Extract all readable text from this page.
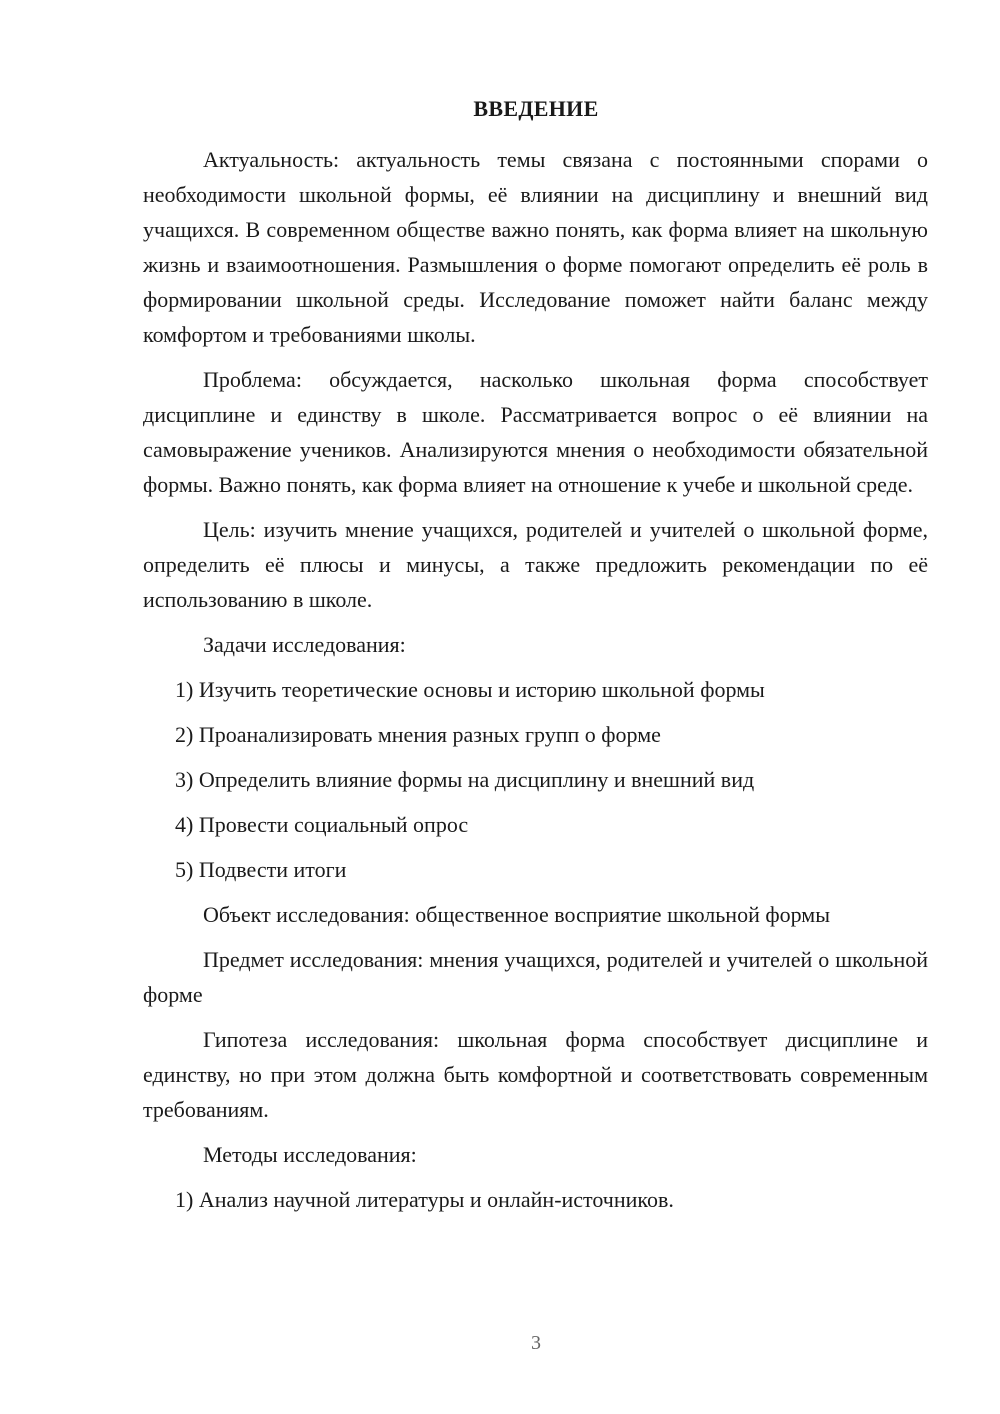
ВВЕДЕНИЕ

Актуальность: актуальность темы связана с постоянными спорами о необходимости школьной формы, её влиянии на дисциплину и внешний вид учащихся. В современном обществе важно понять, как форма влияет на школьную жизнь и взаимоотношения. Размышления о форме помогают определить её роль в формировании школьной среды. Исследование поможет найти баланс между комфортом и требованиями школы.

Проблема: обсуждается, насколько школьная форма способствует дисциплине и единству в школе. Рассматривается вопрос о её влиянии на самовыражение учеников. Анализируются мнения о необходимости обязательной формы. Важно понять, как форма влияет на отношение к учебе и школьной среде.

Цель: изучить мнение учащихся, родителей и учителей о школьной форме, определить её плюсы и минусы, а также предложить рекомендации по её использованию в школе.

Задачи исследования:

1) Изучить теоретические основы и историю школьной формы

2) Проанализировать мнения разных групп о форме

3) Определить влияние формы на дисциплину и внешний вид

4) Провести социальный опрос

5) Подвести итоги

Объект исследования: общественное восприятие школьной формы

Предмет исследования: мнения учащихся, родителей и учителей о школьной форме

Гипотеза исследования: школьная форма способствует дисциплине и единству, но при этом должна быть комфортной и соответствовать современным требованиям.

Методы исследования:

1) Анализ научной литературы и онлайн-источников.

3
